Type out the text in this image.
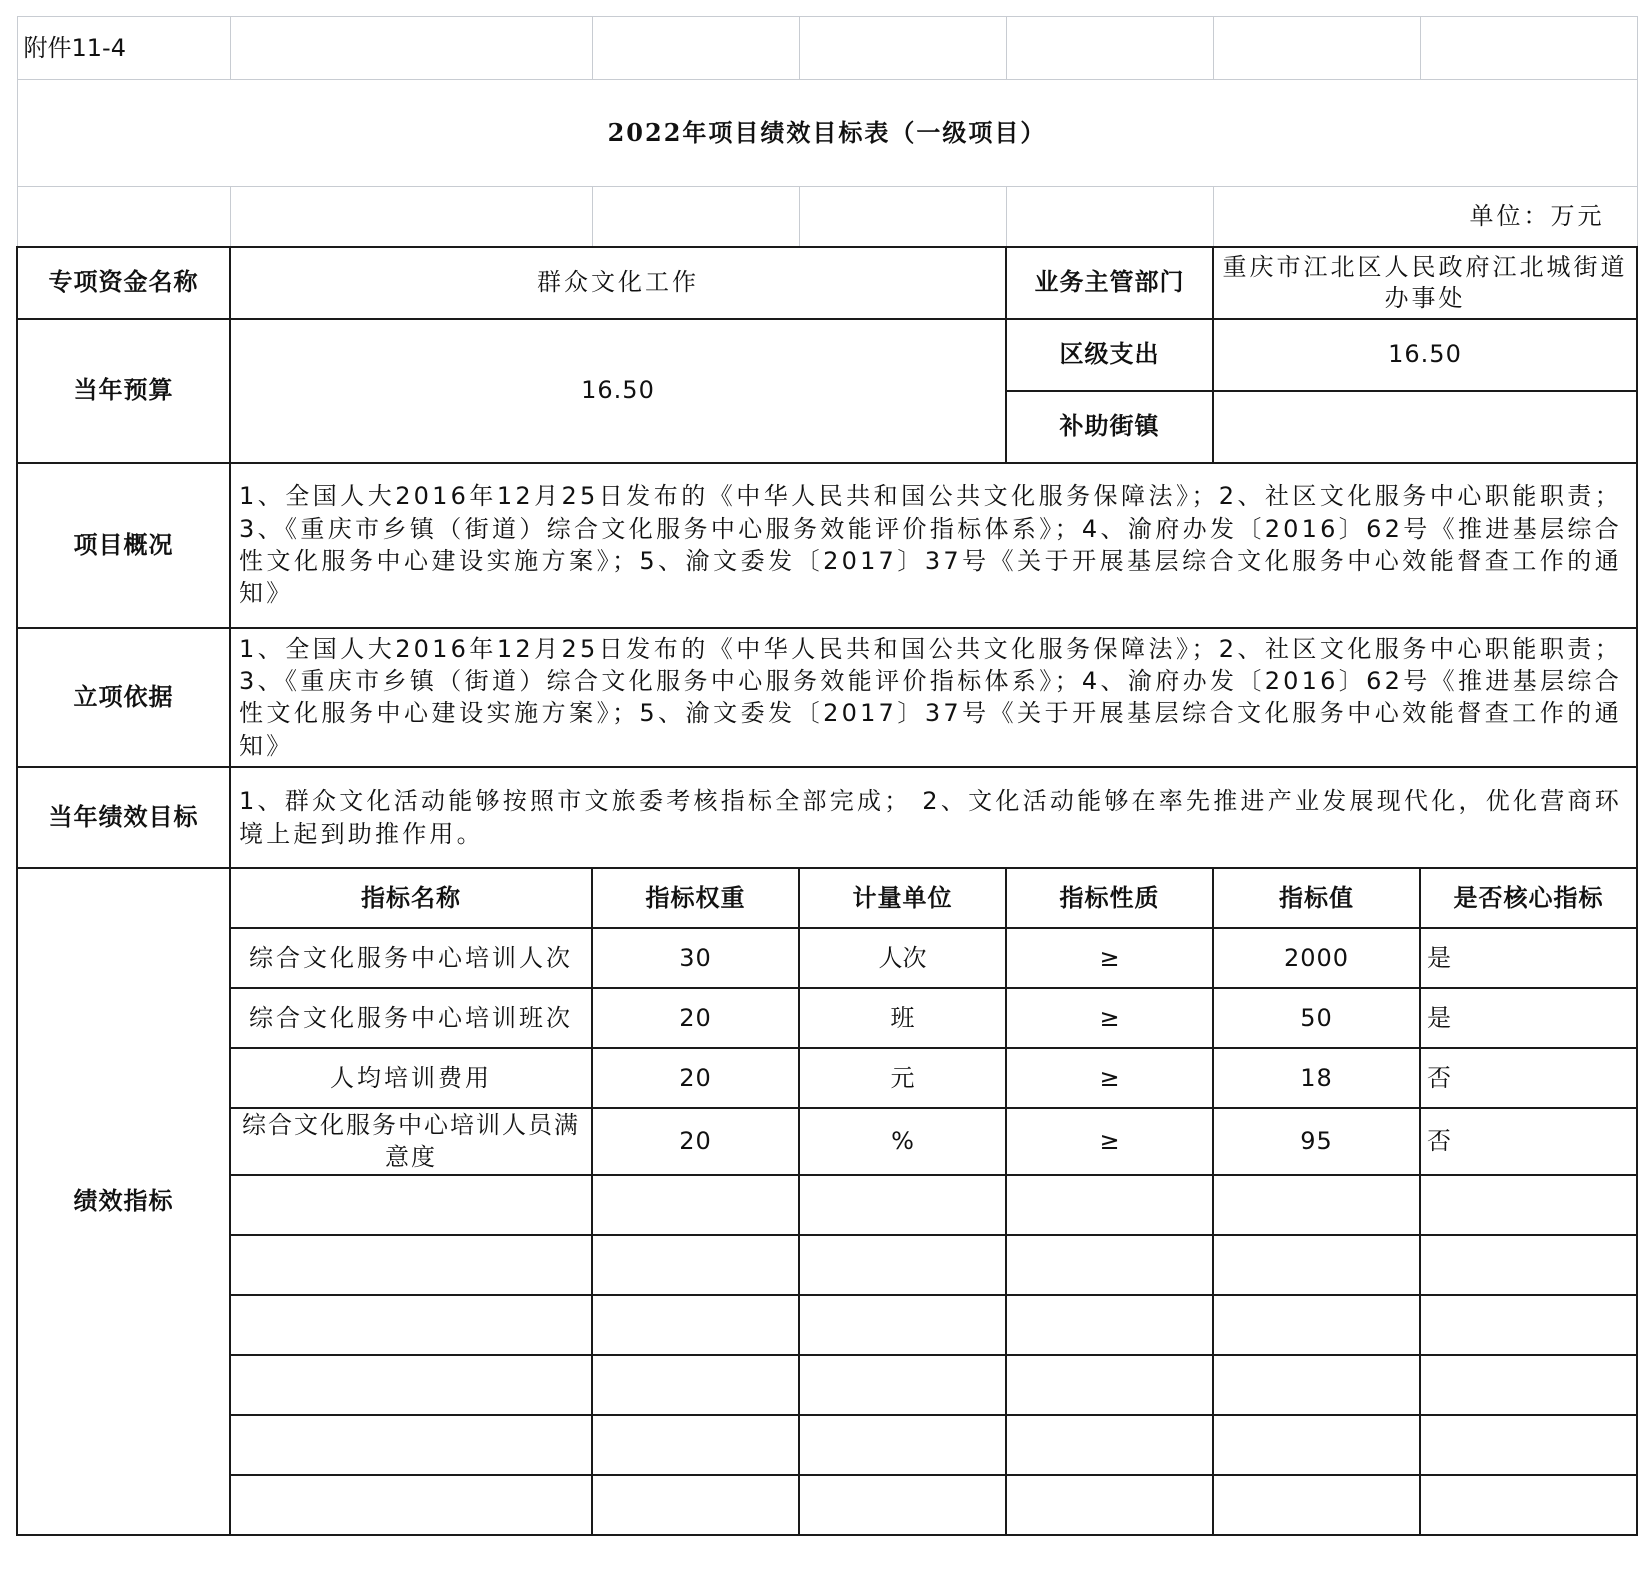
附件11-4						
2022年项目绩效目标表（一级项目）						
					单位：万元	
专项资金名称	群众文化工作			业务主管部门	重庆市江北区人民政府江北城街道办事处	
当年预算	16.50			区级支出	16.50	
				补助街镇		
项目概况	1、全国人大2016年12月25日发布的《中华人民共和国公共文化服务保障法》；2、社区文化服务中心职能职责；3、《重庆市乡镇（街道）综合文化服务中心服务效能评价指标体系》；4、渝府办发〔2016〕62号《推进基层综合性文化服务中心建设实施方案》；5、渝文委发〔2017〕37号《关于开展基层综合文化服务中心效能督查工作的通知》					
立项依据	1、全国人大2016年12月25日发布的《中华人民共和国公共文化服务保障法》；2、社区文化服务中心职能职责；3、《重庆市乡镇（街道）综合文化服务中心服务效能评价指标体系》；4、渝府办发〔2016〕62号《推进基层综合性文化服务中心建设实施方案》；5、渝文委发〔2017〕37号《关于开展基层综合文化服务中心效能督查工作的通知》					
当年绩效目标	1、群众文化活动能够按照市文旅委考核指标全部完成； 2、文化活动能够在率先推进产业发展现代化，优化营商环境上起到助推作用。					
绩效指标	指标名称	指标权重	计量单位	指标性质	指标值	是否核心指标
	综合文化服务中心培训人次	30	人次	≥	2000	是
	综合文化服务中心培训班次	20	班	≥	50	是
	人均培训费用	20	元	≥	18	否
	综合文化服务中心培训人员满意度	20	%	≥	95	否
